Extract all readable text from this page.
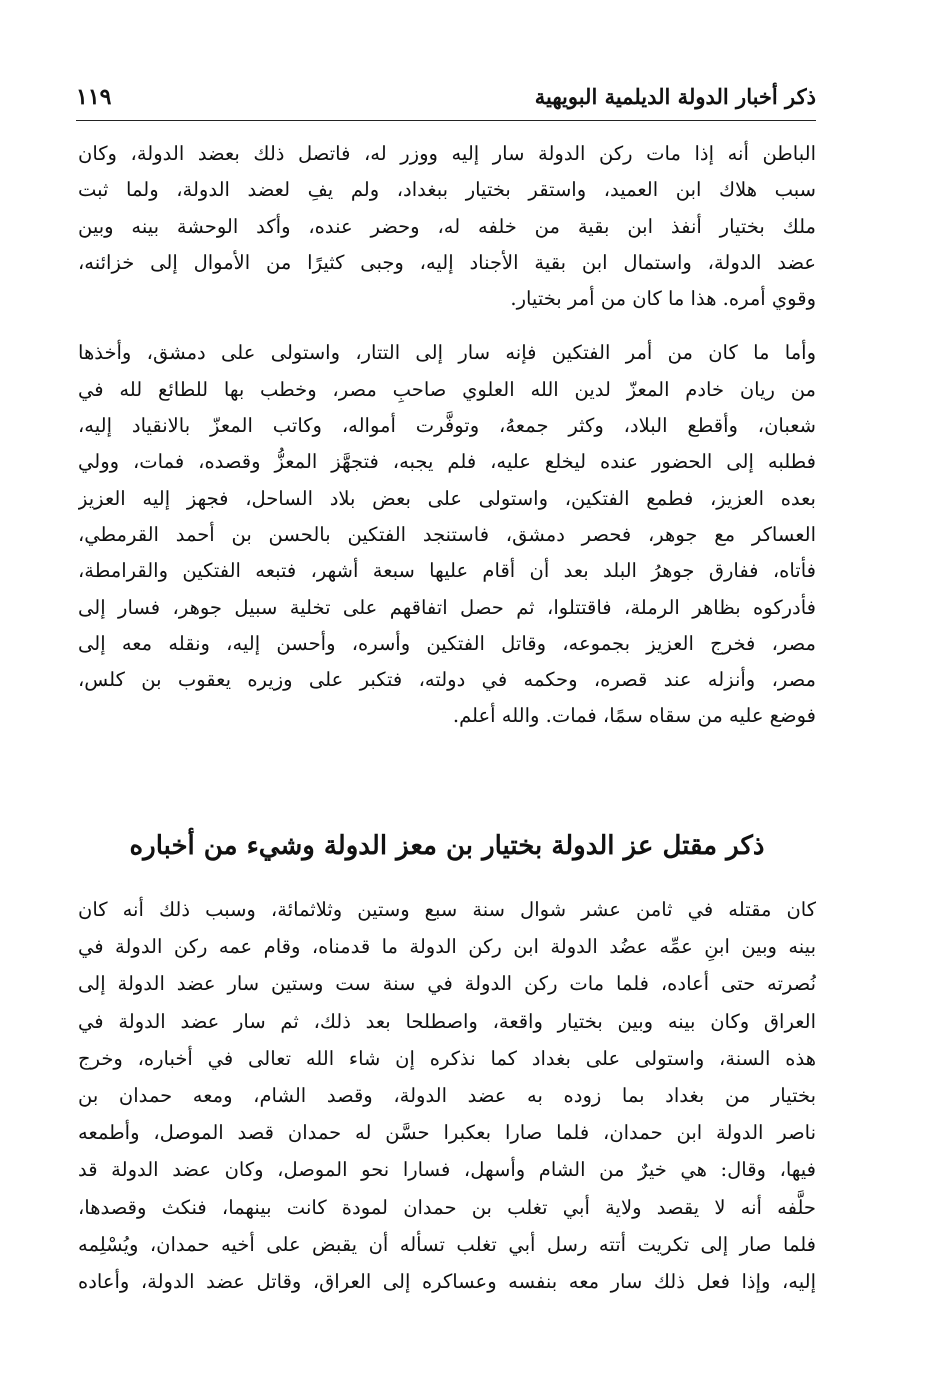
ذكر أخبار الدولة الديلمية البويهية
١١٩
الباطن أنه إذا مات ركن الدولة سار إليه ووزر له، فاتصل ذلك بعضد الدولة، وكان
سبب هلاك ابن العميد، واستقر بختيار ببغداد، ولم يفِ لعضد الدولة، ولما ثبت
ملك بختيار أنفذ ابن بقية من خلفه له، وحضر عنده، وأكد الوحشة بينه وبين
عضد الدولة، واستمال ابن بقية الأجناد إليه، وجبى كثيرًا من الأموال إلى خزائنه،
وقوي أمره. هذا ما كان من أمر بختيار.
وأما ما كان من أمر الفتكين فإنه سار إلى التتار، واستولى على دمشق، وأخذها
من ريان خادم المعزّ لدين الله العلوي صاحبِ مصر، وخطب بها للطائع لله في
شعبان، وأقطع البلاد، وكثر جمعهُ، وتوفَّرت أمواله، وكاتب المعزّ بالانقياد إليه،
فطلبه إلى الحضور عنده ليخلع عليه، فلم يجبه، فتجهَّز المعزُّ وقصده، فمات، وولي
بعده العزيز، فطمع الفتكين، واستولى على بعض بلاد الساحل، فجهز إليه العزيز
العساكر مع جوهر، فحصر دمشق، فاستنجد الفتكين بالحسن بن أحمد القرمطي،
فأتاه، ففارق جوهرُ البلد بعد أن أقام عليها سبعة أشهر، فتبعه الفتكين والقرامطة،
فأدركوه بظاهر الرملة، فاقتتلوا، ثم حصل اتفاقهم على تخلية سبيل جوهر، فسار إلى
مصر، فخرج العزيز بجموعه، وقاتل الفتكين وأسره، وأحسن إليه، ونقله معه إلى
مصر، وأنزله عند قصره، وحكمه في دولته، فتكبر على وزيره يعقوب بن كلس،
فوضع عليه من سقاه سمًا، فمات. والله أعلم.
ذكر مقتل عز الدولة بختيار بن معز الدولة وشيء من أخباره
كان مقتله في ثامن عشر شوال سنة سبع وستين وثلاثمائة، وسبب ذلك أنه كان
بينه وبين ابنِ عمِّه عضُد الدولة ابن ركن الدولة ما قدمناه، وقام عمه ركن الدولة في
نُصرته حتى أعاده، فلما مات ركن الدولة في سنة ست وستين سار عضد الدولة إلى
العراق وكان بينه وبين بختيار واقعة، واصطلحا بعد ذلك، ثم سار عضد الدولة في
هذه السنة، واستولى على بغداد كما نذكره إن شاء الله تعالى في أخباره، وخرج
بختيار من بغداد بما زوده به عضد الدولة، وقصد الشام، ومعه حمدان بن
ناصر الدولة ابن حمدان، فلما صارا بعكبرا حسَّن له حمدان قصد الموصل، وأطمعه
فيها، وقال: هي خيرٌ من الشام وأسهل، فسارا نحو الموصل، وكان عضد الدولة قد
حلَّفه أنه لا يقصد ولاية أبي تغلب بن حمدان لمودة كانت بينهما، فنكث وقصدها،
فلما صار إلى تكريت أتته رسل أبي تغلب تسأله أن يقبض على أخيه حمدان، ويُسْلِمه
إليه، وإذا فعل ذلك سار معه بنفسه وعساكره إلى العراق، وقاتل عضد الدولة، وأعاده
